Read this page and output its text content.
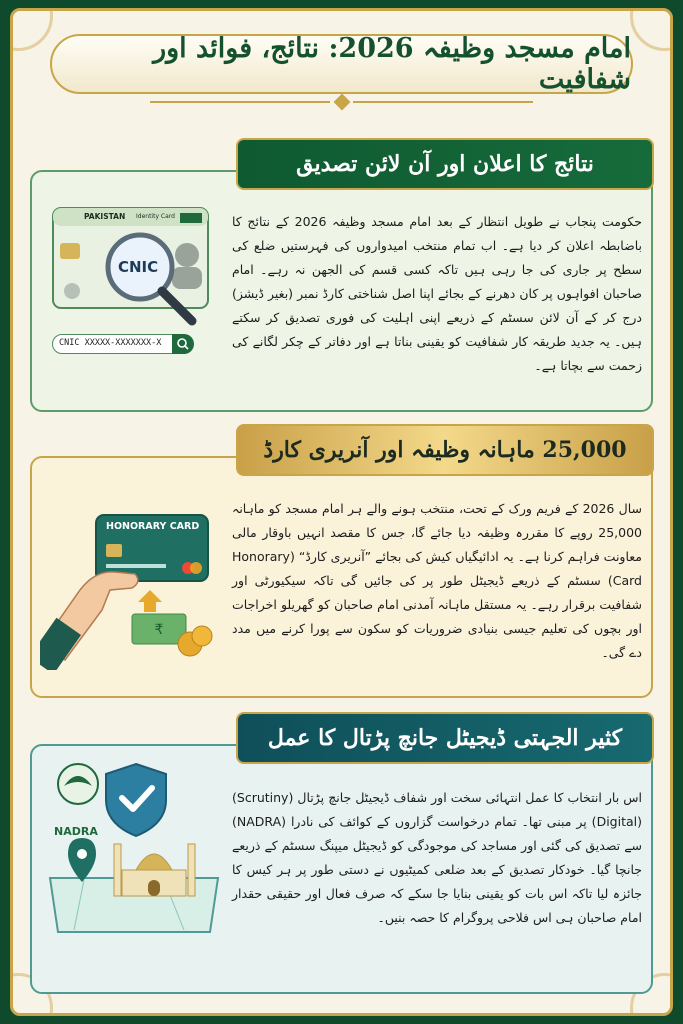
امام مسجد وظیفہ 2026: نتائج، فوائد اور شفافیت
نتائج کا اعلان اور آن لائن تصدیق
PAKISTAN Identity Card
CNIC
CNIC XXXXX-XXXXXXX-X
حکومت پنجاب نے طویل انتظار کے بعد امام مسجد وظیفہ 2026 کے نتائج کا باضابطہ اعلان کر دیا ہے۔ اب تمام منتخب امیدواروں کی فہرستیں ضلع کی سطح پر جاری کی جا رہی ہیں تاکہ کسی قسم کی الجھن نہ رہے۔ امام صاحبان افواہوں پر کان دھرنے کے بجائے اپنا اصل شناختی کارڈ نمبر (بغیر ڈیشز) درج کر کے آن لائن سسٹم کے ذریعے اپنی اہلیت کی فوری تصدیق کر سکتے ہیں۔ یہ جدید طریقہ کار شفافیت کو یقینی بناتا ہے اور دفاتر کے چکر لگانے کی زحمت سے بچاتا ہے۔
25,000 ماہانہ وظیفہ اور آنریری کارڈ
₹
HONORARY CARD
سال 2026 کے فریم ورک کے تحت، منتخب ہونے والے ہر امام مسجد کو ماہانہ 25,000 روپے کا مقررہ وظیفہ دیا جائے گا، جس کا مقصد انہیں باوقار مالی معاونت فراہم کرنا ہے۔ یہ ادائیگیاں کیش کی بجائے ”آنریری کارڈ“ (Honorary Card) سسٹم کے ذریعے ڈیجیٹل طور پر کی جائیں گی تاکہ سیکیورٹی اور شفافیت برقرار رہے۔ یہ مستقل ماہانہ آمدنی امام صاحبان کو گھریلو اخراجات اور بچوں کی تعلیم جیسی بنیادی ضروریات کو سکون سے پورا کرنے میں مدد دے گی۔
کثیر الجہتی ڈیجیٹل جانچ پڑتال کا عمل
NADRA
اس بار انتخاب کا عمل انتہائی سخت اور شفاف ڈیجیٹل جانچ پڑتال (Scrutiny) (Digital) پر مبنی تھا۔ تمام درخواست گزاروں کے کوائف کی نادرا (NADRA) سے تصدیق کی گئی اور مساجد کی موجودگی کو ڈیجیٹل میپنگ سسٹم کے ذریعے جانچا گیا۔ خودکار تصدیق کے بعد ضلعی کمیٹیوں نے دستی طور پر ہر کیس کا جائزہ لیا تاکہ اس بات کو یقینی بنایا جا سکے کہ صرف فعال اور حقیقی حقدار امام صاحبان ہی اس فلاحی پروگرام کا حصہ بنیں۔
